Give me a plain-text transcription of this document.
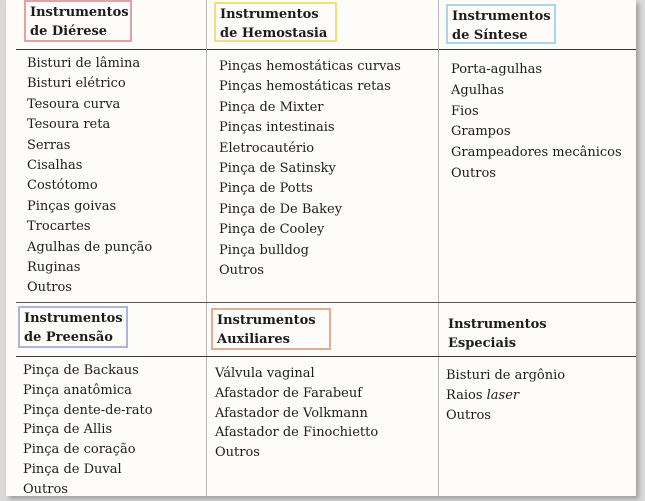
Instrumentos
de Diérese
Instrumentos
de Hemostasia
Instrumentos
de Síntese
Bisturi de lâmina
Bisturi elétrico
Tesoura curva
Tesoura reta
Serras
Cisalhas
Costótomo
Pinças goivas
Trocartes
Agulhas de punção
Ruginas
Outros
Pinças hemostáticas curvas
Pinças hemostáticas retas
Pinça de Mixter
Pinças intestinais
Eletrocautério
Pinça de Satinsky
Pinça de Potts
Pinça de De Bakey
Pinça de Cooley
Pinça bulldog
Outros
Porta-agulhas
Agulhas
Fios
Grampos
Grampeadores mecânicos
Outros
Instrumentos
de Preensão
Instrumentos
Auxiliares
Instrumentos
Especiais
Pinça de Backaus
Pinça anatômica
Pinça dente-de-rato
Pinça de Allis
Pinça de coração
Pinça de Duval
Outros
Válvula vaginal
Afastador de Farabeuf
Afastador de Volkmann
Afastador de Finochietto
Outros
Bisturi de argônio
Raios laser
Outros
